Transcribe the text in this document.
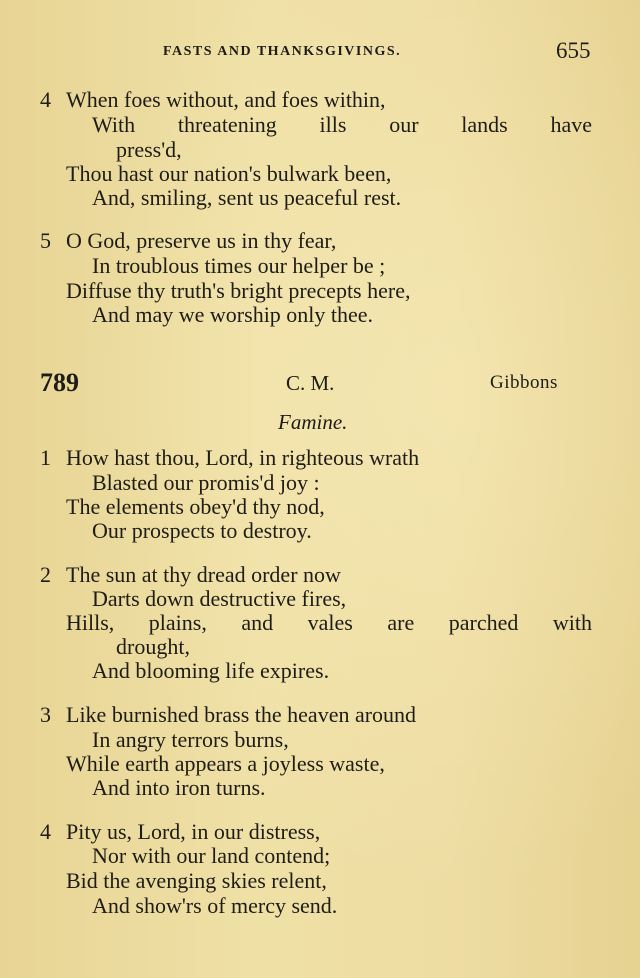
FASTS AND THANKSGIVINGS.	655
4 When foes without, and foes within,
With threatening ills our lands have
press'd,
Thou hast our nation's bulwark been,
And, smiling, sent us peaceful rest.
5 O God, preserve us in thy fear,
In troublous times our helper be ;
Diffuse thy truth's bright precepts here,
And may we worship only thee.
789	C. M.	Gibbons
Famine.
1 How hast thou, Lord, in righteous wrath
Blasted our promis'd joy :
The elements obey'd thy nod,
Our prospects to destroy.
2 The sun at thy dread order now
Darts down destructive fires,
Hills, plains, and vales are parched with
drought,
And blooming life expires.
3 Like burnished brass the heaven around
In angry terrors burns,
While earth appears a joyless waste,
And into iron turns.
4 Pity us, Lord, in our distress,
Nor with our land contend;
Bid the avenging skies relent,
And show'rs of mercy send.
